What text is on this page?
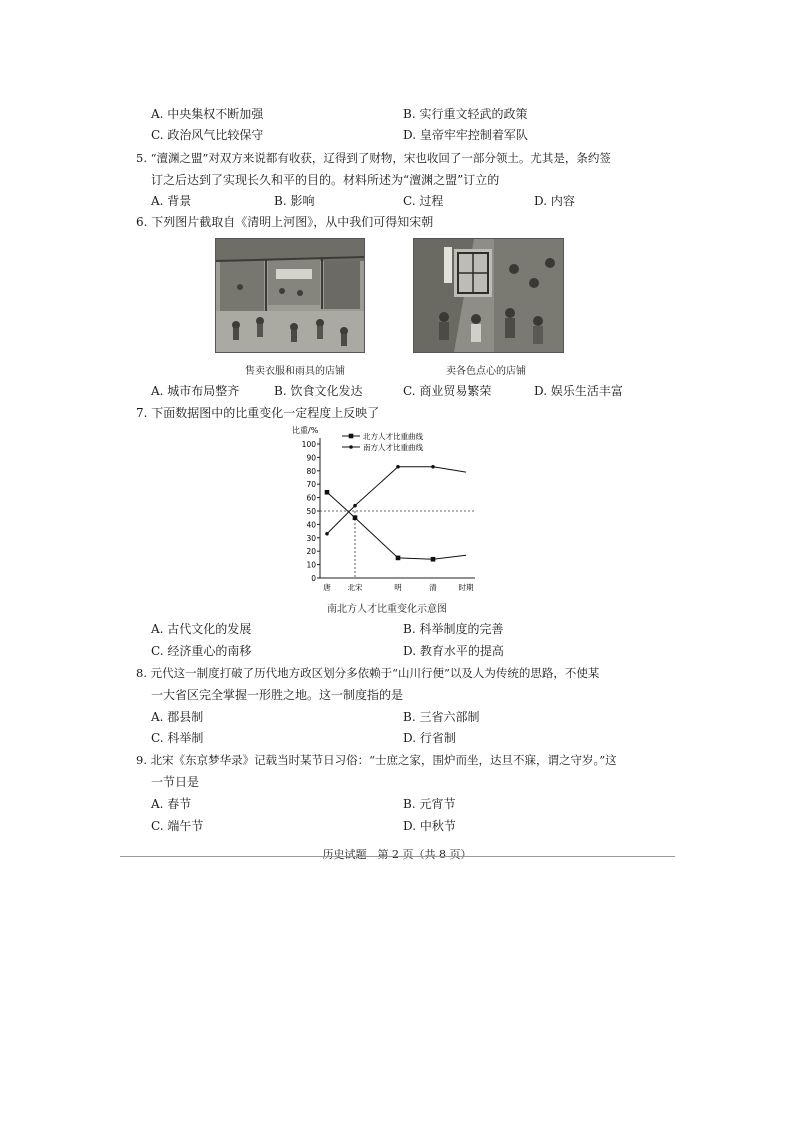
A. 中央集权不断加强	B. 实行重文轻武的政策
C. 政治风气比较保守	D. 皇帝牢牢控制着军队
5. “澶渊之盟”对双方来说都有收获，辽得到了财物，宋也收回了一部分领土。尤其是，条约签
订之后达到了实现长久和平的目的。材料所述为“澶渊之盟”订立的
A. 背景	B. 影响	C. 过程	D. 内容
6. 下列图片截取自《清明上河图》，从中我们可得知宋朝
售卖衣服和雨具的店铺	卖各色点心的店铺
A. 城市布局整齐	B. 饮食文化发达	C. 商业贸易繁荣	D. 娱乐生活丰富
7. 下面数据图中的比重变化一定程度上反映了
比重/%
0
10
20
30
40
50
60
70
80
90
100
唐 北宋	明	清	时期
北方人才比重曲线
南方人才比重曲线
南北方人才比重变化示意图
A. 古代文化的发展	B. 科举制度的完善
C. 经济重心的南移	D. 教育水平的提高
8. 元代这一制度打破了历代地方政区划分多依赖于“山川行便”以及人为传统的思路，不使某
一大省区完全掌握一形胜之地。这一制度指的是
A. 郡县制	B. 三省六部制
C. 科举制	D. 行省制
9. 北宋《东京梦华录》记载当时某节日习俗：“士庶之家，围炉而坐，达旦不寐，谓之守岁。”这
一节日是
A. 春节	B. 元宵节
C. 端午节	D. 中秋节
历史试题　第 2 页（共 8 页）
